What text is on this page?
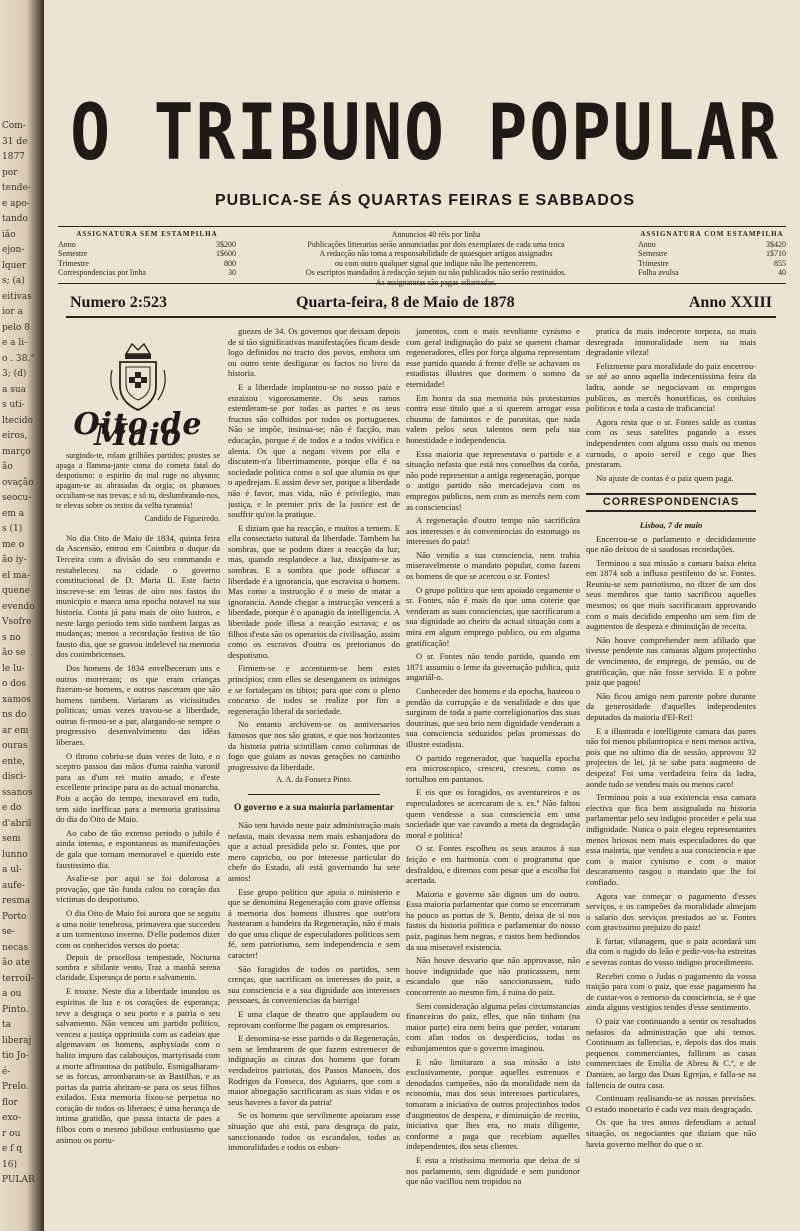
Com-
31 de
1877
por
tende-
e apo-
tando
ião
ejon-
lquer
s; (a)
eitivas
ior a
pelo 8
e a li-
o . 38.°
3; (d)
a sua
s uti-
ltecido
eiros,
março
ão
ovação
seocu-
em a
s (1)
me o
ão iy-
el ma-
quene
evendo
Vsofre
s no
ão se
le lu-
o dos
xamos
ns do
ar em
ouras
ente,
disci-
ssanos
e do
d'abril
sem
lunno
a ul-
aufe-
resma
Porto
se-
necas
ão ate
terroil-
a ou
Pinto.
ta
liberaj
tio Jo-
é-
Prelo.
flor
exo-
r ou
e f q
16)
PULAR
O TRIBUNO POPULAR
PUBLICA-SE ÁS QUARTAS FEIRAS E SABBADOS
ASSIGNATURA SEM ESTAMPILHA
Anno	3$200
Semestre	1$600
Trimestre	800
Correspondencias por linha	30
Annuncios 40 réis por linha
Publicações litterarias serão annunciadas por dois exemplares de cada uma troca
A redacção não toma a responsabilidade de quaesquer artigos assignados
ou com outro qualquer signal que indique não lhe pertencerem.
Os escriptos mandados á redacção sejam ou não publicados não serão restituidos.
As assignaturas são pagas adiantadas.
ASSIGNATURA COM ESTAMPILHA
Anno	3$420
Semestre	1$710
Trimestre	855
Folha avulsa	40
Numero 2:523	Quarta-feira, 8 de Maio de 1878	Anno XXIII
Oito de Maio

surgindo-te, rolam grilhões partidos; prostes se apaga a flamma-jante coma do cometa fatal do despotismo: o espirito do mal ruge no abysmo; apagam-se as abrasadas da orgia; os pharaoes occultam-se nas trevas; e só tu, deslumbrando-nos, te elevas sobre os restos da velha tyrannia!

Candido de Figueiredo.

No dia Oito de Maio de 1834, quinta feira da Ascensão, entrou em Coimbra o duque da Terceira com a divisão do seu commando e restabeleceu na cidade o governo constitucional de D. Maria II. Este facto inscreve-se em letras de oiro nos fastos do municipio e marca uma epocha notavel na sua historia. Conta já para mais de oito lustros, e neste largo periodo tem sido tambem largas as mudanças; menos a recordação festiva de tão fausto dia, que se gravou indelevel na memoria dos conimbricenses.

Dos homens de 1834 envelheceram uns e outros morreram; os que eram crianças fizeram-se homens, e outros nasceram que são homens tambem. Variaram as vicissitudes politicas; umas vezes travou-se a liberdade, outras fi-rmou-se a par, alargando-se sempre o progressivo desenvolvimento das idéas liberaes.

O throno cobriu-se duas vezes de luto, e o sceptro passou das mãos d'uma rainha varonil para as d'um rei muito amado, e d'este excellente principe para as do actual monarcha. Pois a acção do tempo, inexoravel em tudo, tem sido inefficaz para a memoria gratissima do dia do Oito de Maio.

Ao cabo de tão extenso periodo o jubilo é ainda intenso, e espontaneas as manifestações de gala que tornam memoravel e querido este faustissimo dia.

Avalie-se por aqui se foi dolorosa a provação, que tão funda calou no coração das victimas do despotismo.

O dia Oito de Maio foi aurora que se seguiu a uma noite tenebrosa, primavera que succedeu a um tormentoso inverno. D'elle podemos dizer com os conhecidos versos do poeta:

Depois de procellosa tempestade, Nocturna sombra e sibilante vento, Traz a manhã serena claridade, Esperança de porto e salvamento.

E trouxe. Neste dia a liberdade inundou os espiritos de luz e os corações de esperança; teve a desgraça o seu porto e a patria o seu salvamento. Não venceu um partido politico, venceu a justiça opprimida com as cadeias que algemavam os homens, asphyxiada com o halito impuro das calabouços, martyrisada com a morte affrontosa do patibulo. Esmigalharam-se as forcas, arrombaram-se as Bastilhas, e as portas da patria abriram-se para os seus filhos exilados. Esta memoria fixou-se perpetua no coração de todos os liberaes; é uma herança de intima gratidão, que passa intacta de paes a filhos com o mesmo jubiloso enthusiasmo que animou os portu-

guezes de 34. Os governos que deixam depois de si tão significativas manifestações ficam desde logo definidos no tracto dos povos, embora um ou outro tente desfigurar os factos no livro da historia.

E a liberdade implantou-se no nosso paiz e enraizou vigorosamente. Os seus ramos estenderam-se por todas as partes e os seus fructos são colhidos por todos os portuguezes. Não se impõe, insinua-se; não é facção, mas educação, porque é de todos e a todos vivifica e alenta. Os que a negam vivem por ella e discutem-n'a liberrimamente, porque ella é na sociedade politica como o sol que alumia os que o apedrejam. E assim deve ser, porque a liberdade não é favor, mas vida, não é privilegio, mas justiça, e le premier prix de la justice est de souffrir qu'on la pratique.

E diziam que ha reacção, e muitos a temem. E ella consectario natural da liberdade. Tambem ha sombras, que se podem dizer a reacção da luz; mas, quando resplandece a luz, dissipam-se as sombras. E a sombra que pode offuscar a liberdade é a ignorancia, que escravisa o homem. Mas como a instrucção é o meio de matar a ignorancia. Aonde chegar a instrucção vencerá a liberdade, porque é o apanagio da intelligencia. A liberdade pode illesa a reacção escrava; e os filhos d'esta são os operarios da civilisação, assim como os escravos d'outra os pretorianos do despotismo.

Firmem-se e accentuem-se bem estes principios; com elles se desenganem os inimigos e se fortaleçam os tibios; para que com o pleno concurso de todos se realize por fim a regeneração liberal da sociedade.

No entanto archivem-se os anniversarios famosos que nos são gratos, e que nos horizontes da historia patria scintillam como columnas de fogo que guiam as novas gerações no caminho progressivo da liberdade.

A. A. da Fonseca Pinto.
O governo e a sua maioria parlamentar

Não tem havido neste paiz administração mais nefasta, mais devassa nem mais esbanjadora do que a actual presidida pelo sr. Fontes, que por mero capricho, ou por interesse particular do chefe do Estado, ali está governando ha sete annos!

Esse grupo politico que apoia o ministerio e que se denomina Regeneração com grave offensa á memoria dos homens illustres que outr'ora hastearam a bandeira da Regeneração, não é mais do que uma clique de especuladores politicos sem fé, sem patriotismo, sem independencia e sem caracter!

São foragidos de todos os partidos, sem crenças, que sacrificam os interesses do paiz, a sua consciencia e a sua dignidade aos interesses pessoaes, ás conveniencias da barriga!

E uma claque de theatro que applaudem ou reprovam conforme lhe pagam os empresarios.

E denomina-se esse partido o da Regeneração, sem se lembrarem de que fazem estremecer de indignação as cinzas dos homens que foram verdadeiros patriotas, dos Passos Manoeis, dos Rodrigos da Fonseca, dos Aguiares, que com a maior abnegação sacrificaram as suas vidas e os seus haveres a favor da patria!

Se os homens que servilmente apoiaram esse situação que ahi está, para desgraça do paiz, sanccionando todos os escandalos, todas as immoralidades e todos os esban-

jamentos, com o mais revoltante cynismo e com geral indignação do paiz se querem chamar regeneradores, elles por força alguma representam esse partido quando á frente d'elle se achavam os estadistas illustres que dormem o somno da eternidade!

Em honra da sua memoria nós protestamos contra esse titulo que a si querem arrogar essa chusma de famintos e de parasitas, que nada valem pelos seus talentos nem pela sua honestidade e independencia.

Essa maioria que representava o partido e a situação nefasta que está nos conselhos da corôa, não pode representar a antiga regeneração, porque o antigo partido não mercadejava com os empregos publicos, nem com as mercês nem com as consciencias!

A regeneração d'outro tempo não sacrificára aos interesses e ás conveniencias do estomago os interesses do paiz!

Não vendia a sua consciencia, nem trahia miseravelmente o mandato popular, como fazem os homens de que se acercou o sr. Fontes!

O grupo politico que tem apoiado cegamente o sr. Fontes, não é mais do que uma coterie que venderam as suas consciencias, que sacrificaram a sua dignidade ao cheiro da actual situação com a mira em algum emprego publico, ou em alguma gratificação!

O sr. Fontes não tendo partido, quando em 1871 assumiu o leme da governação publica, quiz angariál-o.

Conheceder dos homens e da epocha, hasteou o pendão da corrupção e da venalidade e dos que surgiram de toda a parte correligionarios das suas doutrinas, que seu brio nem dignidade venderam a sua consciencia seduzidos pelas promessas do illustre estadista.

O partido regenerador, que 'naquella epocha era microscopico, cresceu, cresceu, como os tortulhos em pantanos.

E eis que os foragidos, os aventureiros e os especuladores se acercaram de s. ex.ª Não faltou quem vendesse a sua consciencia em uma sociedade que vae cavando a meta da degradação moral e politica!

O sr. Fontes escolheu os seus arautos á sua feição e em harmonia com o programma que desfraldou, e diremos com pesar que a escolha foi acertada.

Maioria e governo são dignos um do outro. Essa maioria parlamentar que como se encerraram ha pouco as portas de S. Bento, deixa de si nos fastos da historia politica e parlamentar do nosso paiz, paginas bem negras, e rastos bem hediondos da sua miseravel existencia.

Não houve desvario que não approvasse, não houve indignidade que não praticassem, nem escandalo que não sanccionassem, tudo concorrente ao mesmo fim, á ruina do paiz.

Sem consideração alguma pelas circumstancias financeiras do paiz, elles, que não tinham (na maior parte) eira nem beira que perder, votaram com afan todos os desperdicios, todas os esbanjamentos que o governo imaginou.

E não limitaram a sua missão a isto exclusivamente, porque aquelles estrenuos e denodados campeões, não da moralidade nem da economia, mas dos seus interesses particulares, tomaram a iniciativa de outros projectinhos todos d'augmentos de despeza, e diminuição de receita, iniciativa que lhes era, no mais diligente, conforme a paga que recebiam aquelles independentes, dos seus clientes.

E esta a tristissima memoria que deixa de si nos parlamento, sem dignidade e sem pundonor que não vacillou nem tropidou na

pratica da mais indecente torpeza, na mais desregrada immoralidade nem na mais degradante vileza!

Felizmente para moralidade do paiz encerrou-se até ao anno aquella indecentissima feira da ladra, aonde se negociavam os empregos publicos, as mercês honorificas, os conluios politicos e toda a casta de traficancia!

Agora resta que o sr. Fontes salde as contas com os seus satelites pagando a esses independentes com alguns osso mais ou menos carnudo, o apoio servil e cego que lhes prestaram.

No ajuste de contas é o paiz quem paga.

CORRESPONDENCIAS
Lisboa, 7 de maio

Encerrou-se o parlamento e decididamente que não deixou de si saudosas recordações.

Terminou a sua missão a camara baixa eleita em 1874 sob a influxo pestilento do sr. Fontes. Reuniu-se sem patriotismo, no dizer de um dos seus membros que tanto sacrificou aquelles mesmos; os que mais sacrificaram approvando com o mais decidido empenho um sem fim de augmentos de despeza e diminuição de receita.

Não houve comprehender nem afiliado que tivesse pendente nas camaras algum projectinho de vencimento, de emprego, de pensão, ou de gratificação, que não fosse servido. E o pobre paiz que pagou!

Não ficou amigo nem parente pobre durante da generosidade d'aquelles independentes deputados da maioria d'El-Rei!

E a illustrada e intelligente camara das pares não foi menos philantropica e nem menos activa, pois que no ultimo dia de sessão, approvou 32 projectos de lei, já se sabe para augmento de despeza! Foi uma verdadeira feira da ladra, aonde tudo se vendeu mais ou menos caro!

Terminou pois a sua existencia essa camara electiva que fica bem assignalada na historia parlamentar pelo seu indigno proceder e pela sua indignidade. Nunca o paiz elegeu representantes menos briosos nem mais especuladores do que essa maioria, que vendeu a sua consciencia e que com o maior cynismo e com o maior descaramento rasgou o mandato que lhe foi confiado.

Agora vae começar o pagamento d'esses serviços, e os campeões da moralidade almejam o salario dos serviços prestados ao sr. Fontes com gravissimo prejuizo do paiz!

E fartar, vilanagem, que o paiz acordará um dia com o rugido do leão e pedir-vos-ha estreitas e severas contas do vosso indigno procedimento.

Recebei como o Judas o pagamento da vossa traição para com o paiz, que esse pagamento ha de custar-vos o remorso da consciencia, se é que ainda alguns vestigios tendes d'esse sentimento.

O paiz vae continuando a sentir os resultados nefastos da administração que ahi temos. Continuam as fallencias, e, depois das dos mais pequenos commerciantes, falliram as casas commerciaes de Emilia de Abreu & C.ª, e de Damien, ao largo das Duas Egrejas, e falla-se na fallencia de outra casa.

Continuam realisando-se as nossas previsões. O estado monetario é cada vez mais desgraçado.

Os que ha tres annos defendiam a actual situação, os negociantes que diziam que não havia governo melhor do que o sr.
